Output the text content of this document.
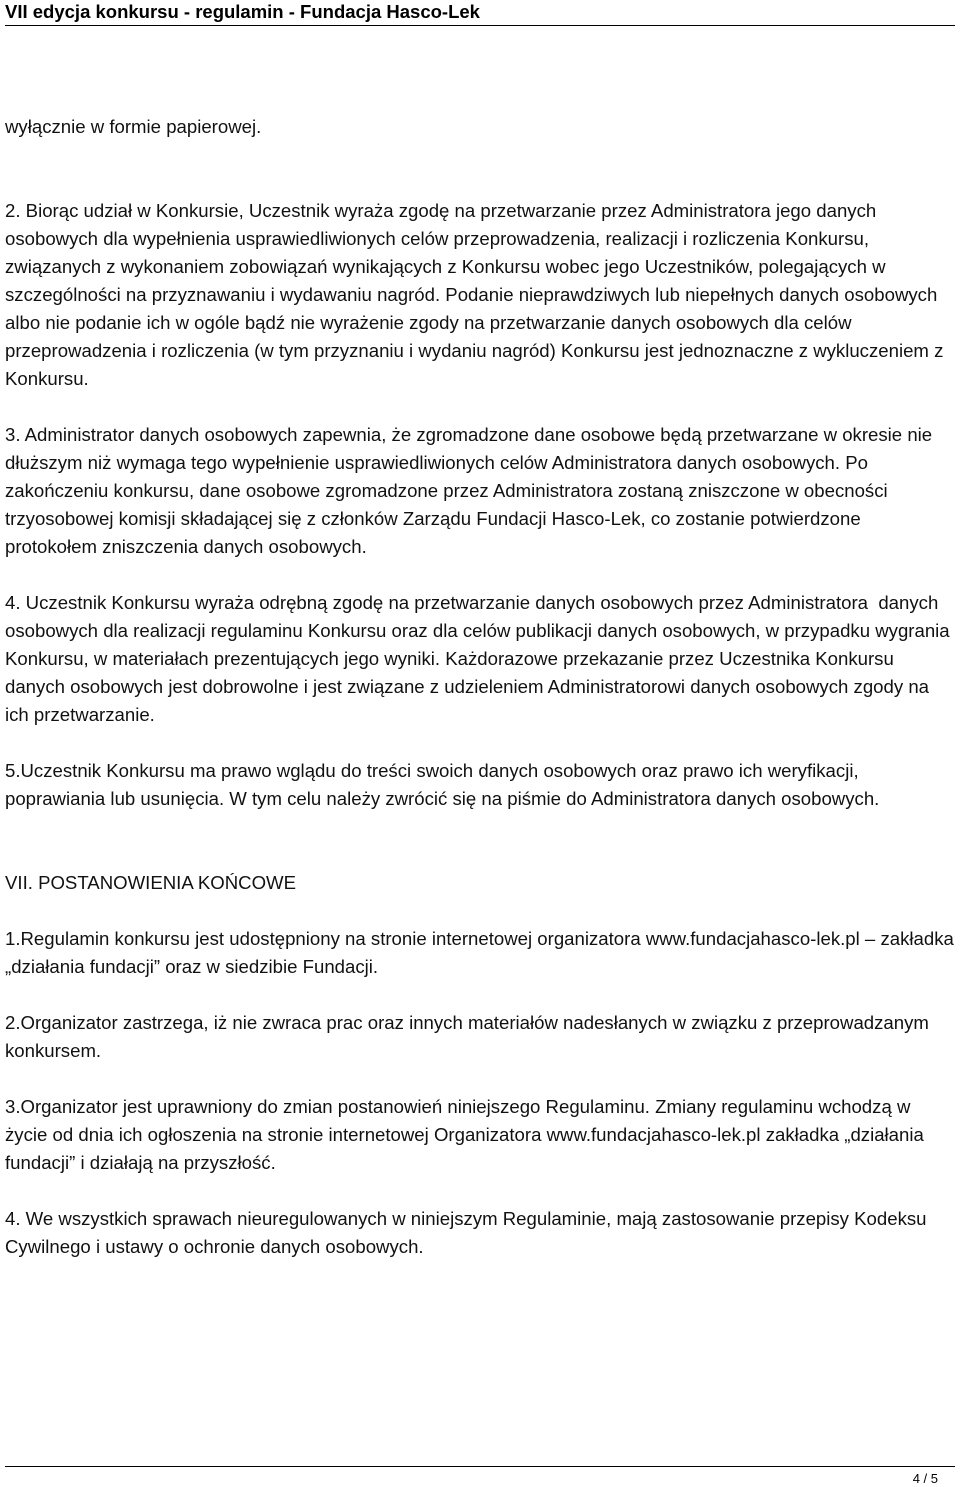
VII edycja konkursu - regulamin - Fundacja Hasco-Lek

wyłącznie w formie papierowej.

2. Biorąc udział w Konkursie, Uczestnik wyraża zgodę na przetwarzanie przez Administratora jego danych osobowych dla wypełnienia usprawiedliwionych celów przeprowadzenia, realizacji i rozliczenia Konkursu, związanych z wykonaniem zobowiązań wynikających z Konkursu wobec jego Uczestników, polegających w szczególności na przyznawaniu i wydawaniu nagród. Podanie nieprawdziwych lub niepełnych danych osobowych albo nie podanie ich w ogóle bądź nie wyrażenie zgody na przetwarzanie danych osobowych dla celów przeprowadzenia i rozliczenia (w tym przyznaniu i wydaniu nagród) Konkursu jest jednoznaczne z wykluczeniem z Konkursu.

3. Administrator danych osobowych zapewnia, że zgromadzone dane osobowe będą przetwarzane w okresie nie dłuższym niż wymaga tego wypełnienie usprawiedliwionych celów Administratora danych osobowych. Po zakończeniu konkursu, dane osobowe zgromadzone przez Administratora zostaną zniszczone w obecności trzyosobowej komisji składającej się z członków Zarządu Fundacji Hasco-Lek, co zostanie potwierdzone protokołem zniszczenia danych osobowych.

4. Uczestnik Konkursu wyraża odrębną zgodę na przetwarzanie danych osobowych przez Administratora  danych osobowych dla realizacji regulaminu Konkursu oraz dla celów publikacji danych osobowych, w przypadku wygrania Konkursu, w materiałach prezentujących jego wyniki. Każdorazowe przekazanie przez Uczestnika Konkursu danych osobowych jest dobrowolne i jest związane z udzieleniem Administratorowi danych osobowych zgody na ich przetwarzanie.

5.Uczestnik Konkursu ma prawo wglądu do treści swoich danych osobowych oraz prawo ich weryfikacji, poprawiania lub usunięcia. W tym celu należy zwrócić się na piśmie do Administratora danych osobowych.

VII. POSTANOWIENIA KOŃCOWE

1.Regulamin konkursu jest udostępniony na stronie internetowej organizatora www.fundacjahasco-lek.pl – zakładka „działania fundacji” oraz w siedzibie Fundacji.

2.Organizator zastrzega, iż nie zwraca prac oraz innych materiałów nadesłanych w związku z przeprowadzanym konkursem.

3.Organizator jest uprawniony do zmian postanowień niniejszego Regulaminu. Zmiany regulaminu wchodzą w życie od dnia ich ogłoszenia na stronie internetowej Organizatora www.fundacjahasco-lek.pl zakładka „działania fundacji” i działają na przyszłość.

4. We wszystkich sprawach nieuregulowanych w niniejszym Regulaminie, mają zastosowanie przepisy Kodeksu Cywilnego i ustawy o ochronie danych osobowych.

4 / 5
